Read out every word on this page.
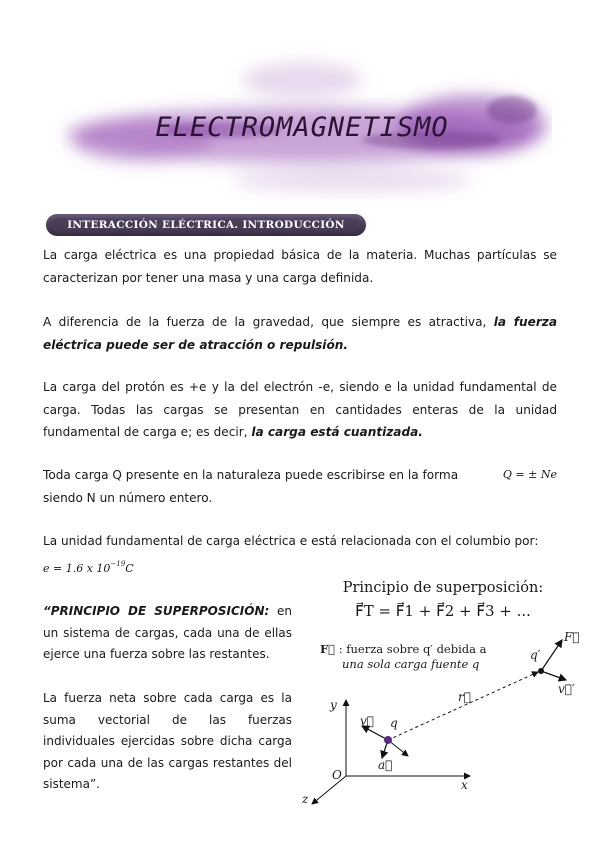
ELECTROMAGNETISMO
INTERACCIÓN ELÉCTRICA. INTRODUCCIÓN

La carga eléctrica es una propiedad básica de la materia. Muchas partículas se caracterizan por tener una masa y una carga definida.

A diferencia de la fuerza de la gravedad, que siempre es atractiva, la fuerza eléctrica puede ser de atracción o repulsión.

La carga del protón es +e y la del electrón -e, siendo e la unidad fundamental de carga. Todas las cargas se presentan en cantidades enteras de la unidad fundamental de carga e; es decir, la carga está cuantizada.

Toda carga Q presente en la naturaleza puede escribirse en la forma	Q = ± Ne

siendo N un número entero.

La unidad fundamental de carga eléctrica e está relacionada con el columbio por:
e = 1.6 x $10^{-19}C$

“PRINCIPIO DE SUPERPOSICIÓN: en un sistema de cargas, cada una de ellas ejerce una fuerza sobre las restantes.

La fuerza neta sobre cada carga es la suma vectorial de las fuerzas individuales ejercidas sobre dicha carga por cada una de las cargas restantes del sistema”.

Principio de superposición:
F⃗T = F⃗1 + F⃗2 + F⃗3 + ...
F⃗ : fuerza sobre q′ debida a
una sola carga fuente q
q
q′
F⃗
v⃗
v⃗′
a⃗
r⃗
x
y
z
O
